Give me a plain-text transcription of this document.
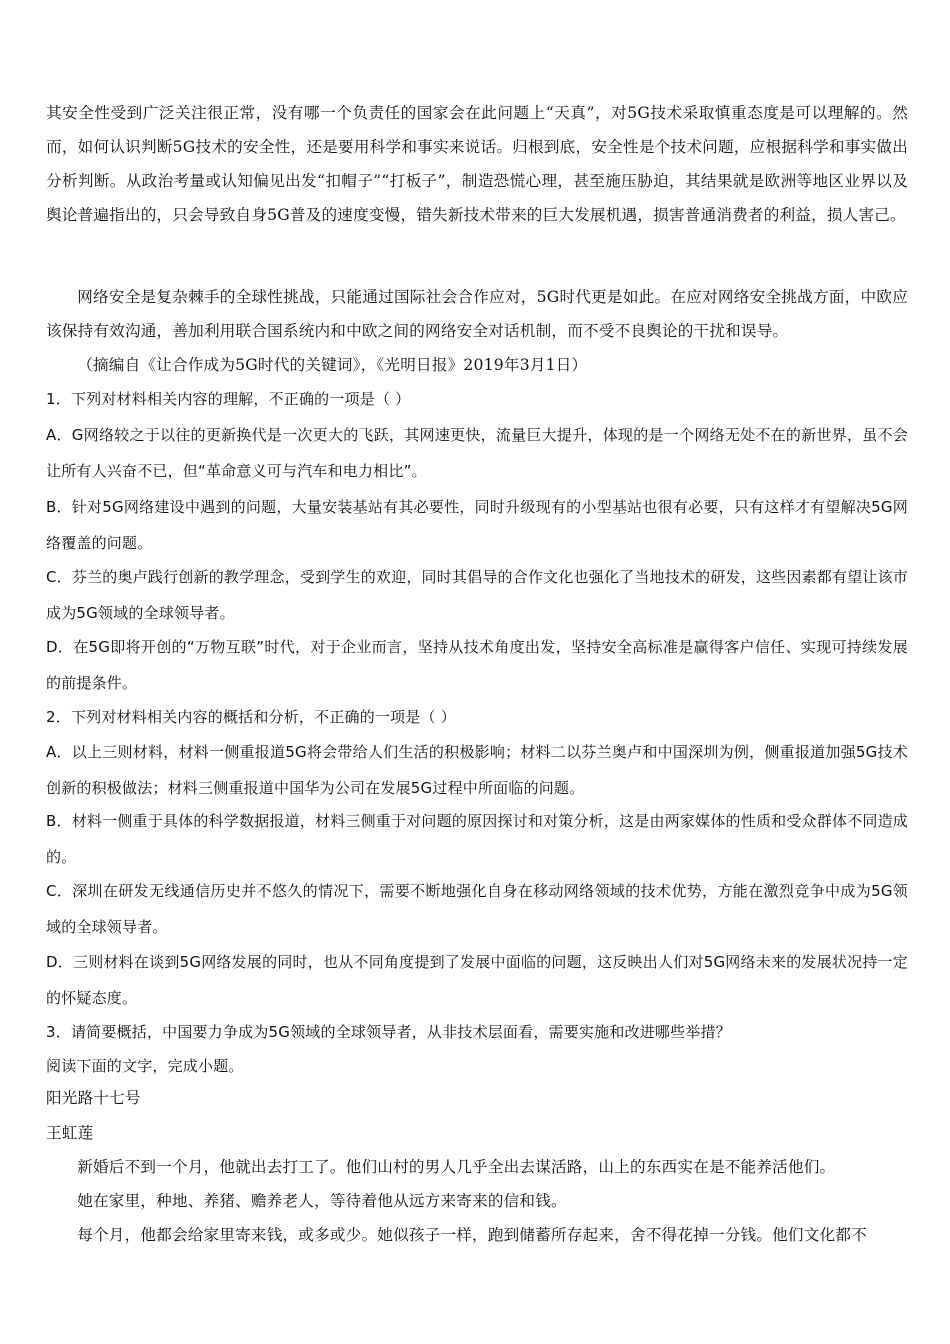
其安全性受到广泛关注很正常，没有哪一个负责任的国家会在此问题上“天真”，对5G技术采取慎重态度是可以理解的。然而，如何认识判断5G技术的安全性，还是要用科学和事实来说话。归根到底，安全性是个技术问题，应根据科学和事实做出分析判断。从政治考量或认知偏见出发“扣帽子”“打板子”，制造恐慌心理，甚至施压胁迫，其结果就是欧洲等地区业界以及舆论普遍指出的，只会导致自身5G普及的速度变慢，错失新技术带来的巨大发展机遇，损害普通消费者的利益，损人害己。
网络安全是复杂棘手的全球性挑战，只能通过国际社会合作应对，5G时代更是如此。在应对网络安全挑战方面，中欧应该保持有效沟通，善加利用联合国系统内和中欧之间的网络安全对话机制，而不受不良舆论的干扰和误导。
（摘编自《让合作成为5G时代的关键词》，《光明日报》2019年3月1日）
1．下列对材料相关内容的理解，不正确的一项是（ ）
A．G网络较之于以往的更新换代是一次更大的飞跃，其网速更快，流量巨大提升，体现的是一个网络无处不在的新世界，虽不会让所有人兴奋不已，但“革命意义可与汽车和电力相比”。
B．针对5G网络建设中遇到的问题，大量安装基站有其必要性，同时升级现有的小型基站也很有必要，只有这样才有望解决5G网络覆盖的问题。
C．芬兰的奥卢践行创新的教学理念，受到学生的欢迎，同时其倡导的合作文化也强化了当地技术的研发，这些因素都有望让该市成为5G领域的全球领导者。
D．在5G即将开创的“万物互联”时代，对于企业而言，坚持从技术角度出发，坚持安全高标准是赢得客户信任、实现可持续发展的前提条件。
2．下列对材料相关内容的概括和分析，不正确的一项是（ ）
A．以上三则材料，材料一侧重报道5G将会带给人们生活的积极影响；材料二以芬兰奥卢和中国深圳为例，侧重报道加强5G技术创新的积极做法；材料三侧重报道中国华为公司在发展5G过程中所面临的问题。
B．材料一侧重于具体的科学数据报道，材料三侧重于对问题的原因探讨和对策分析，这是由两家媒体的性质和受众群体不同造成的。
C．深圳在研发无线通信历史并不悠久的情况下，需要不断地强化自身在移动网络领域的技术优势，方能在激烈竞争中成为5G领域的全球领导者。
D．三则材料在谈到5G网络发展的同时，也从不同角度提到了发展中面临的问题，这反映出人们对5G网络未来的发展状况持一定的怀疑态度。
3．请简要概括，中国要力争成为5G领域的全球领导者，从非技术层面看，需要实施和改进哪些举措？
阅读下面的文字，完成小题。
阳光路十七号
王虹莲
新婚后不到一个月，他就出去打工了。他们山村的男人几乎全出去谋活路，山上的东西实在是不能养活他们。
她在家里，种地、养猪、赡养老人，等待着他从远方来寄来的信和钱。
每个月，他都会给家里寄来钱，或多或少。她似孩子一样，跑到储蓄所存起来，舍不得花掉一分钱。他们文化都不
